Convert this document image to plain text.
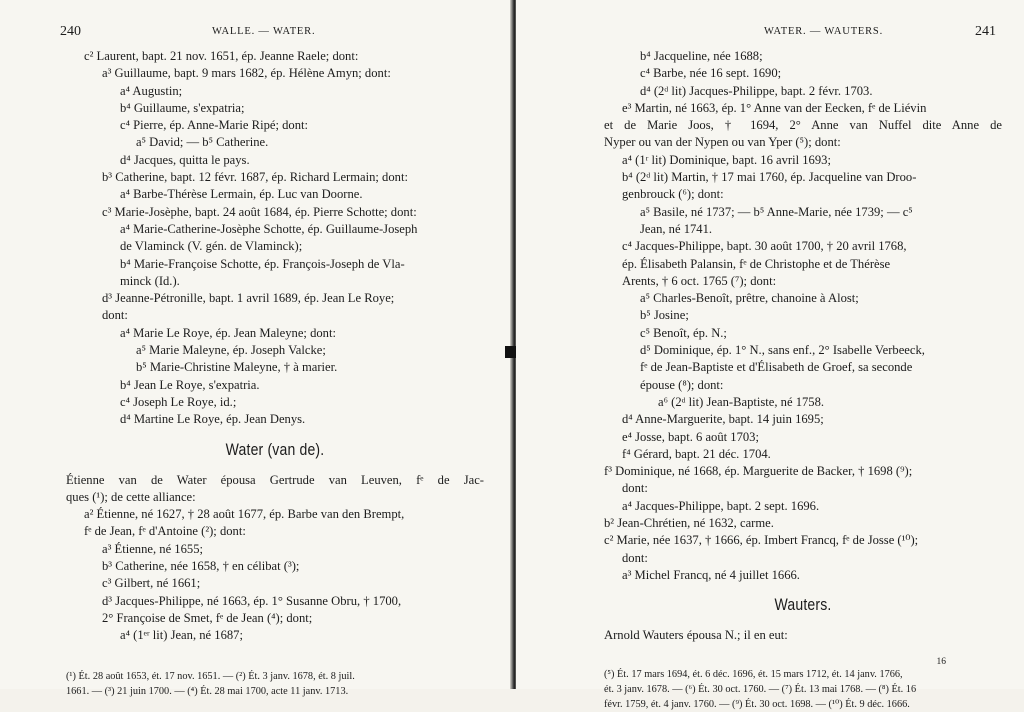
240	WALLE. — WATER.
c² Laurent, bapt. 21 nov. 1651, ép. Jeanne Raele; dont:
a³ Guillaume, bapt. 9 mars 1682, ép. Hélène Amyn; dont:
a⁴ Augustin;
b⁴ Guillaume, s'expatria;
c⁴ Pierre, ép. Anne-Marie Ripé; dont:
a⁵ David; — b⁵ Catherine.
d⁴ Jacques, quitta le pays.
b³ Catherine, bapt. 12 févr. 1687, ép. Richard Lermain; dont:
a⁴ Barbe-Thérèse Lermain, ép. Luc van Doorne.
c³ Marie-Josèphe, bapt. 24 août 1684, ép. Pierre Schotte; dont:
a⁴ Marie-Catherine-Josèphe Schotte, ép. Guillaume-Joseph
de Vlaminck (V. gén. de Vlaminck);
b⁴ Marie-Françoise Schotte, ép. François-Joseph de Vla-
minck (Id.).
d³ Jeanne-Pétronille, bapt. 1 avril 1689, ép. Jean Le Roye;
dont:
a⁴ Marie Le Roye, ép. Jean Maleyne; dont:
a⁵ Marie Maleyne, ép. Joseph Valcke;
b⁵ Marie-Christine Maleyne, † à marier.
b⁴ Jean Le Roye, s'expatria.
c⁴ Joseph Le Roye, id.;
d⁴ Martine Le Roye, ép. Jean Denys.
Water (van de).
Étienne van de Water épousa Gertrude van Leuven, fᵉ de Jac-
ques (¹); de cette alliance:
a² Étienne, né 1627, † 28 août 1677, ép. Barbe van den Brempt,
fᵉ de Jean, fᵉ d'Antoine (²); dont:
a³ Étienne, né 1655;
b³ Catherine, née 1658, † en célibat (³);
c³ Gilbert, né 1661;
d³ Jacques-Philippe, né 1663, ép. 1° Susanne Obru, † 1700,
2° Françoise de Smet, fᵉ de Jean (⁴); dont;
a⁴ (1ᵉʳ lit) Jean, né 1687;
(¹) Ét. 28 août 1653, ét. 17 nov. 1651. — (²) Ét. 3 janv. 1678, ét. 8 juil.
1661. — (³) 21 juin 1700. — (⁴) Ét. 28 mai 1700, acte 11 janv. 1713.
WATER. — WAUTERS.	241
b⁴ Jacqueline, née 1688;
c⁴ Barbe, née 16 sept. 1690;
d⁴ (2ᵈ lit) Jacques-Philippe, bapt. 2 févr. 1703.
e³ Martin, né 1663, ép. 1° Anne van der Eecken, fᵉ de Liévin
et de Marie Joos, † 1694, 2° Anne van Nuffel dite Anne de
Nyper ou van der Nypen ou van Yper (⁵); dont:
a⁴ (1ʳ lit) Dominique, bapt. 16 avril 1693;
b⁴ (2ᵈ lit) Martin, † 17 mai 1760, ép. Jacqueline van Droo-
genbrouck (⁶); dont:
a⁵ Basile, né 1737; — b⁵ Anne-Marie, née 1739; — c⁵
Jean, né 1741.
c⁴ Jacques-Philippe, bapt. 30 août 1700, † 20 avril 1768,
ép. Élisabeth Palansin, fᵉ de Christophe et de Thérèse
Arents, † 6 oct. 1765 (⁷); dont:
a⁵ Charles-Benoît, prêtre, chanoine à Alost;
b⁵ Josine;
c⁵ Benoît, ép. N.;
d⁵ Dominique, ép. 1° N., sans enf., 2° Isabelle Verbeeck,
fᵉ de Jean-Baptiste et d'Élisabeth de Groef, sa seconde
épouse (⁸); dont:
a⁶ (2ᵈ lit) Jean-Baptiste, né 1758.
d⁴ Anne-Marguerite, bapt. 14 juin 1695;
e⁴ Josse, bapt. 6 août 1703;
f⁴ Gérard, bapt. 21 déc. 1704.
f³ Dominique, né 1668, ép. Marguerite de Backer, † 1698 (⁹);
dont:
a⁴ Jacques-Philippe, bapt. 2 sept. 1696.
b² Jean-Chrétien, né 1632, carme.
c² Marie, née 1637, † 1666, ép. Imbert Francq, fᵉ de Josse (¹⁰);
dont:
a³ Michel Francq, né 4 juillet 1666.
Wauters.
Arnold Wauters épousa N.; il en eut:
(⁵) Ét. 17 mars 1694, ét. 6 déc. 1696, ét. 15 mars 1712, ét. 14 janv. 1766,
ét. 3 janv. 1678. — (⁶) Ét. 30 oct. 1760. — (⁷) Ét. 13 mai 1768. — (⁸) Ét. 16
févr. 1759, ét. 4 janv. 1760. — (⁹) Ét. 30 oct. 1698. — (¹⁰) Ét. 9 déc. 1666.
16
